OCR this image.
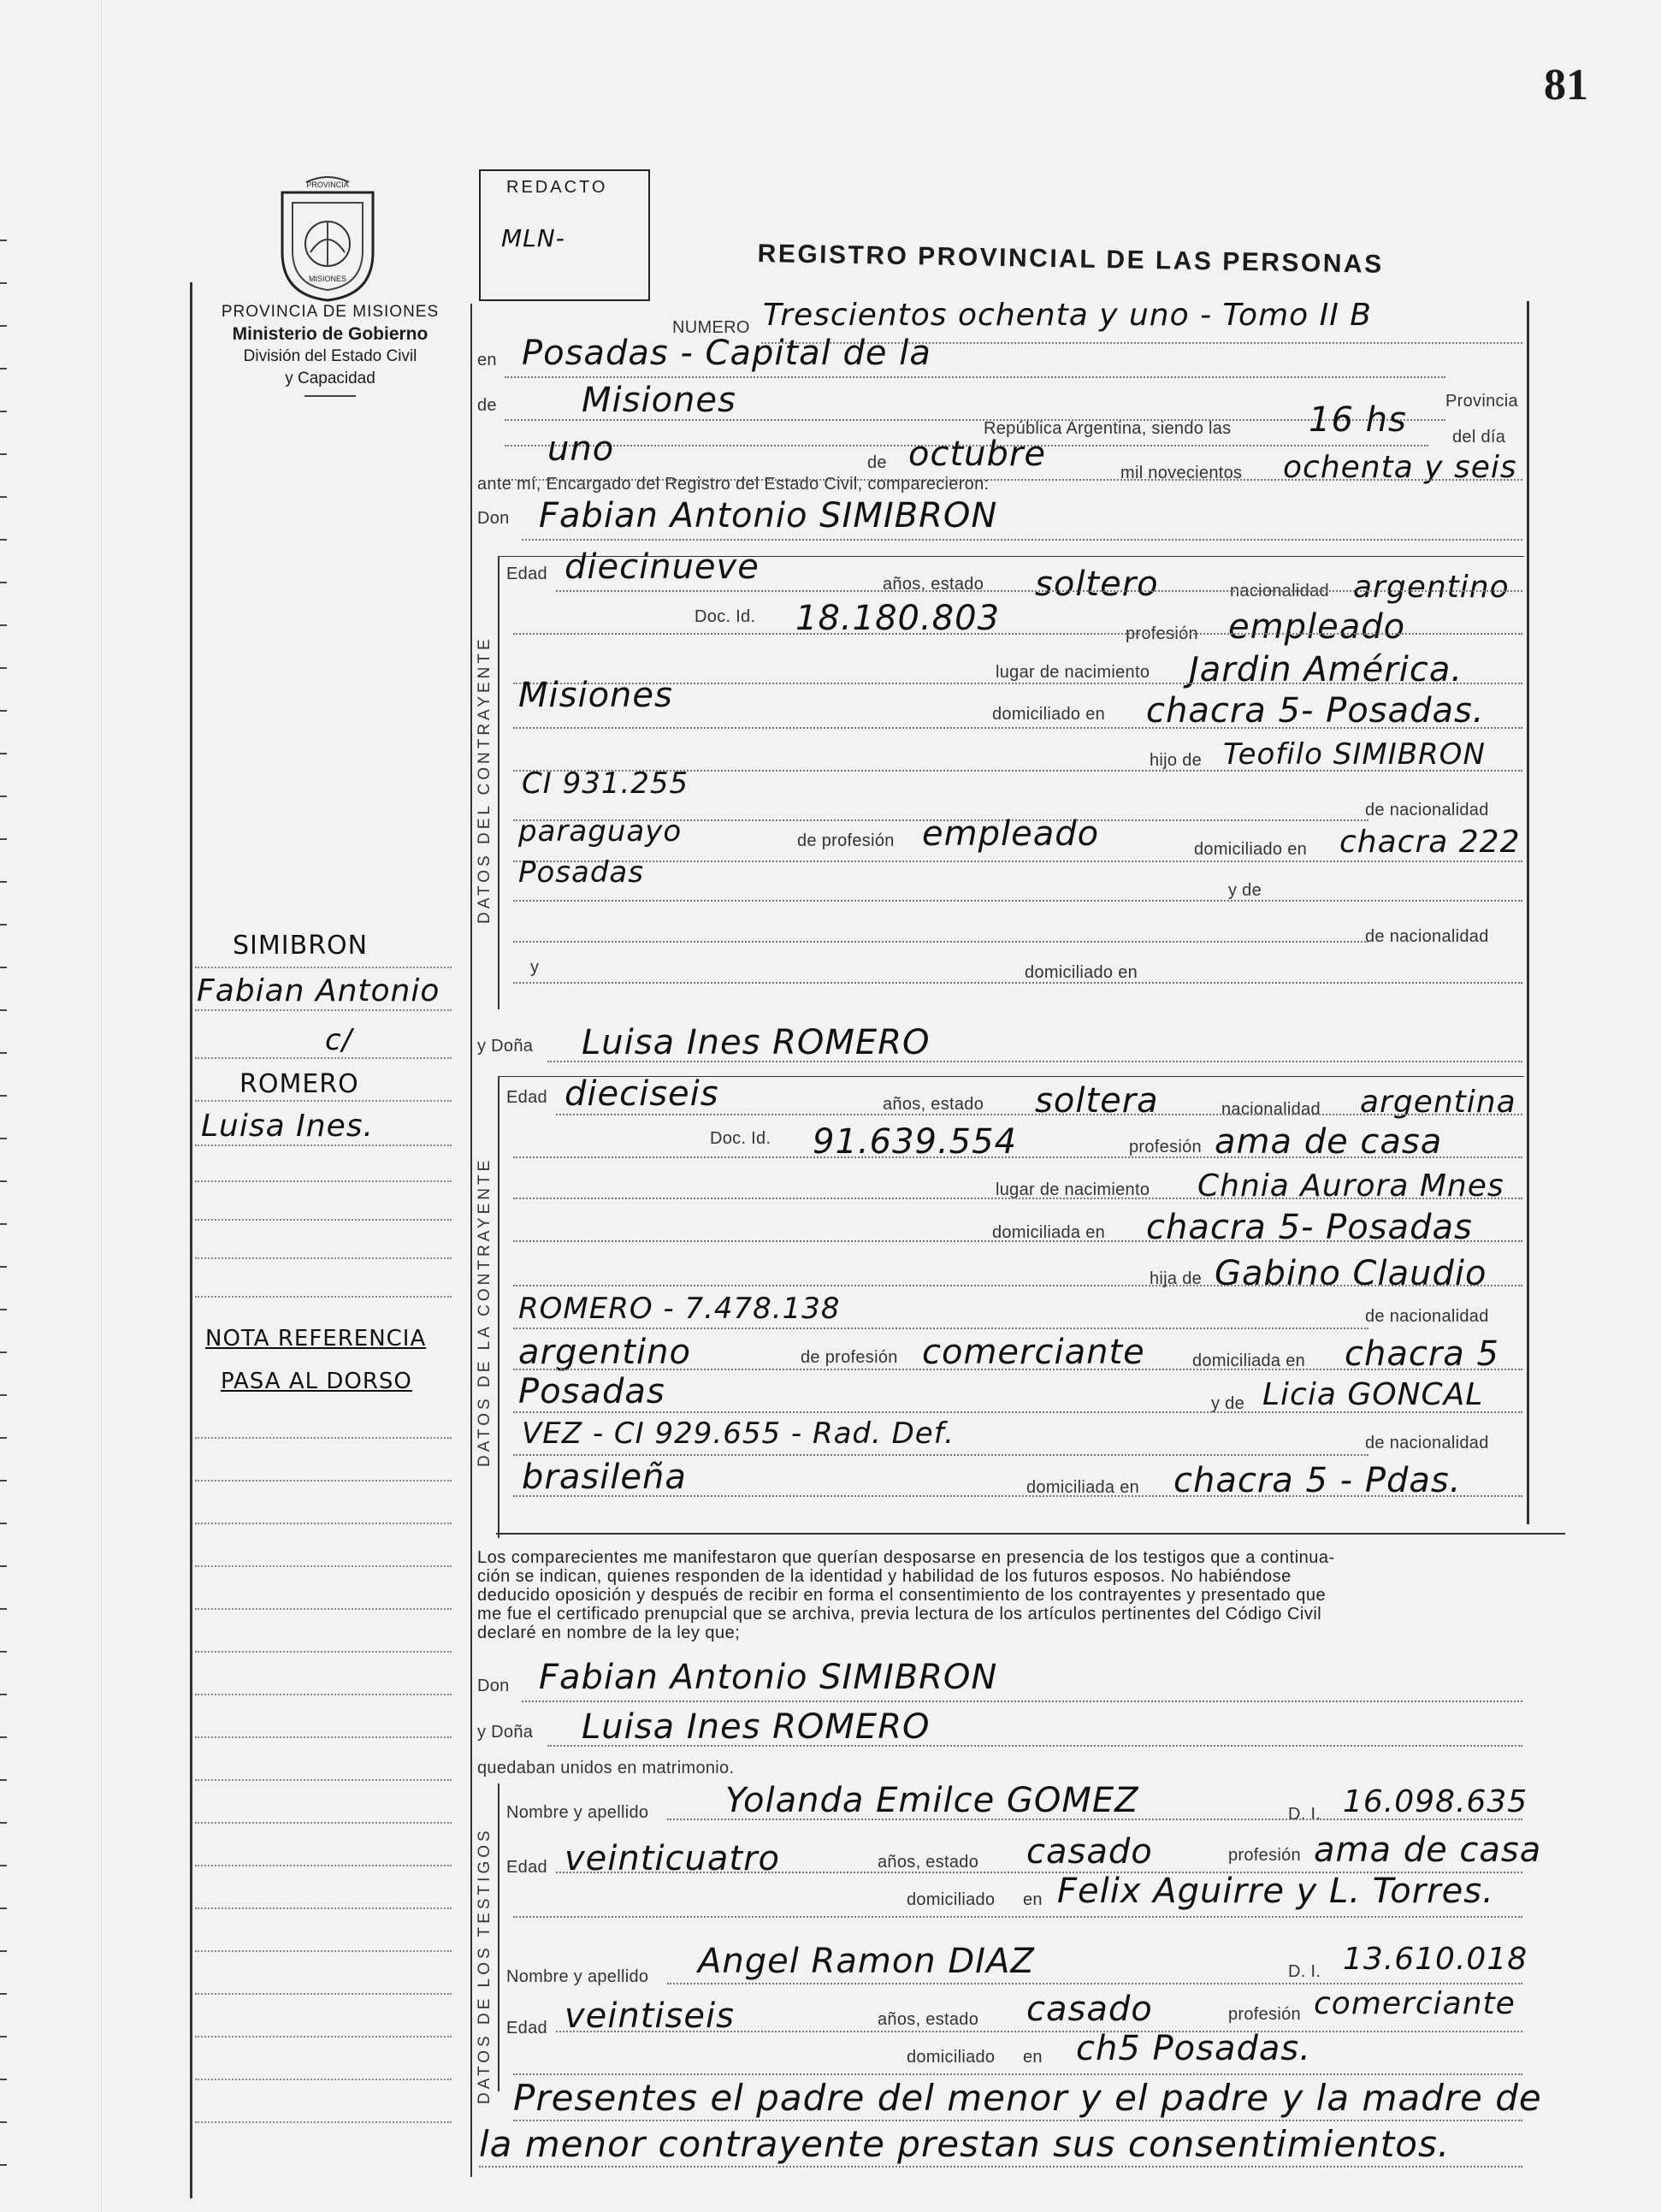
81
PROVINCIA
MISIONES
PROVINCIA DE MISIONES
Ministerio de Gobierno
División del Estado Civil
y Capacidad
REDACTO
MLN-
REGISTRO PROVINCIAL DE LAS PERSONAS
SIMIBRON
Fabian Antonio
c/
ROMERO
Luisa Ines.
NOTA REFERENCIA
PASA AL DORSO
NUMERO Trescientos ochenta y uno - Tomo II B
en Posadas - Capital de la
Provincia
de Misiones
República Argentina, siendo las 16 hs	del día
uno	de octubre	mil novecientos ochenta y seis
ante mí, Encargado del Registro del Estado Civil, comparecieron:
Don Fabian Antonio SIMIBRON
DATOS DEL CONTRAYENTE
Edad diecinueve	años, estado soltero	nacionalidad argentino
Doc. Id. 18.180.803	profesión empleado
lugar de nacimiento Jardin América.
Misiones	domiciliado en chacra 5- Posadas.
hijo de Teofilo SIMIBRON
CI 931.255
de nacionalidad
paraguayo	de profesión empleado	domiciliado en chacra 222
Posadas
y de
de nacionalidad
y	domiciliado en
y Doña Luisa Ines ROMERO
DATOS DE LA CONTRAYENTE
Edad dieciseis	años, estado soltera	nacionalidad argentina
Doc. Id. 91.639.554	profesión ama de casa
lugar de nacimiento Chnia Aurora Mnes
domiciliada en chacra 5- Posadas
hija de Gabino Claudio
ROMERO - 7.478.138	de nacionalidad
argentino	de profesión comerciante	domiciliada en chacra 5
Posadas	y de Licia GONCAL
VEZ - CI 929.655 - Rad. Def.	de nacionalidad
brasileña	domiciliada en chacra 5 - Pdas.
Los comparecientes me manifestaron que querían desposarse en presencia de los testigos que a continua-
ción se indican, quienes responden de la identidad y habilidad de los futuros esposos. No habiéndose
deducido oposición y después de recibir en forma el consentimiento de los contrayentes y presentado que
me fue el certificado prenupcial que se archiva, previa lectura de los artículos pertinentes del Código Civil
declaré en nombre de la ley que;
Don Fabian Antonio SIMIBRON
y Doña Luisa Ines ROMERO
quedaban unidos en matrimonio.
DATOS DE LOS TESTIGOS
Nombre y apellido Yolanda Emilce GOMEZ	D. I. 16.098.635
Edad veinticuatro	años, estado casado	profesión ama de casa
domiciliado en Felix Aguirre y L. Torres.
Nombre y apellido Angel Ramon DIAZ	D. I. 13.610.018
Edad veintiseis	años, estado casado	profesión comerciante
domiciliado en ch5 Posadas.
Presentes el padre del menor y el padre y la madre de
la menor contrayente prestan sus consentimientos.
